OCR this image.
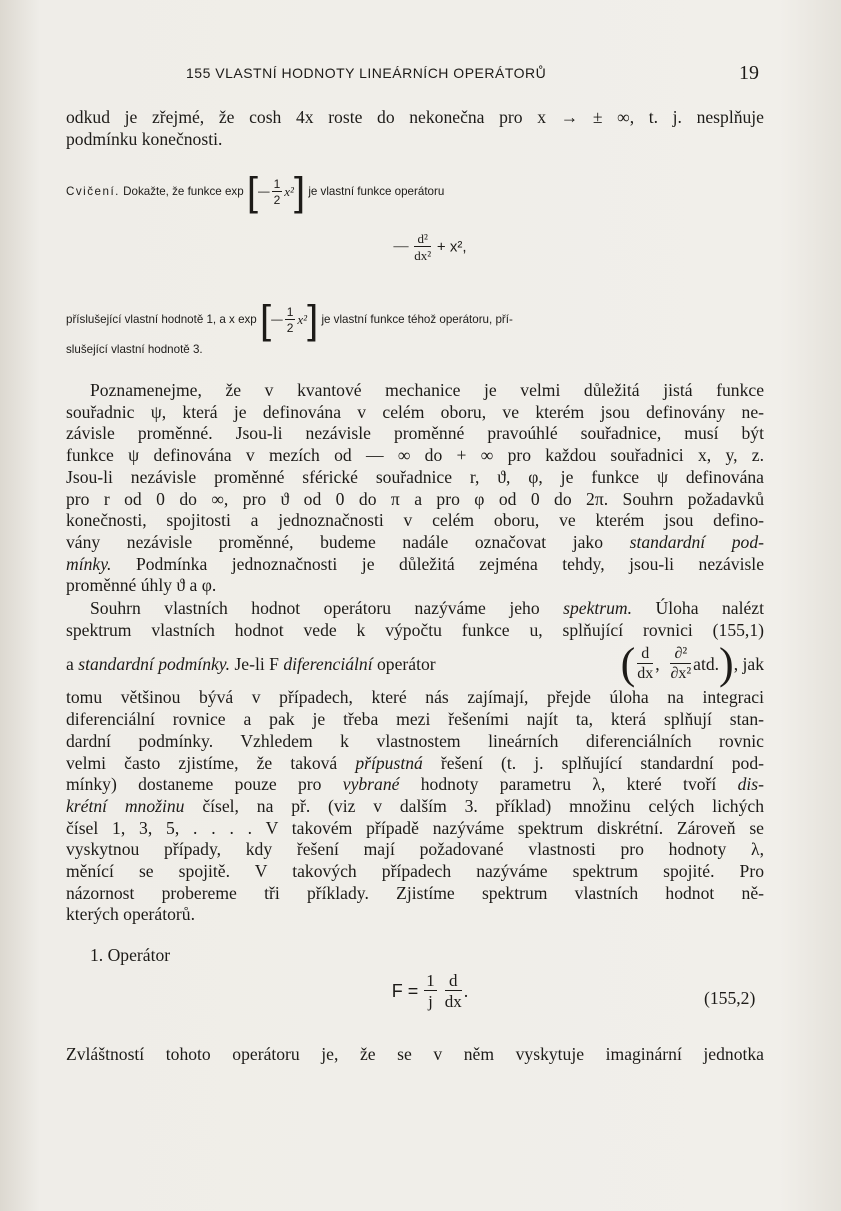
155 VLASTNÍ HODNOTY LINEÁRNÍCH OPERÁTORŮ	19
odkud je zřejmé, že cosh 4x roste do nekonečna pro x → ± ∞, t. j. nesplňuje
podmínku konečnosti.
Cvičení. Dokažte, že funkce exp [— $\frac{1}{2} x^2$] je vlastní funkce operátoru
— $\frac{\text{d²}}{\text{dx²}} + x^2$,
příslušející vlastní hodnotě 1, a x exp [— $\frac{1}{2} x^2$] je vlastní funkce téhož operátoru, pří-
slušející vlastní hodnotě 3.
Poznamenejme, že v kvantové mechanice je velmi důležitá jistá funkce
souřadnic ψ, která je definována v celém oboru, ve kterém jsou definovány ne-
závisle proměnné. Jsou-li nezávisle proměnné pravoúhlé souřadnice, musí být
funkce ψ definována v mezích od — ∞ do + ∞ pro každou souřadnici x, y, z.
Jsou-li nezávisle proměnné sférické souřadnice r, ϑ, φ, je funkce ψ definována
pro r od 0 do ∞, pro ϑ od 0 do π a pro φ od 0 do 2π. Souhrn požadavků
konečnosti, spojitosti a jednoznačnosti v celém oboru, ve kterém jsou defino-
vány nezávisle proměnné, budeme nadále označovat jako standardní pod-
mínky. Podmínka jednoznačnosti je důležitá zejména tehdy, jsou-li nezávisle
proměnné úhly ϑ a φ.
Souhrn vlastních hodnot operátoru nazýváme jeho spektrum. Úloha nalézt
spektrum vlastních hodnot vede k výpočtu funkce u, splňující rovnici (155,1)
a standardní podmínky. Je-li F diferenciální operátor	( $\frac{d}{dx}$ , $\frac{\text{∂²}}{\text{∂x²}}$ atd. ) , jak
tomu většinou bývá v případech, které nás zajímají, přejde úloha na integraci
diferenciální rovnice a pak je třeba mezi řešeními najít ta, která splňují stan-
dardní podmínky. Vzhledem k vlastnostem lineárních diferenciálních rovnic
velmi často zjistíme, že taková přípustná řešení (t. j. splňující standardní pod-
mínky) dostaneme pouze pro vybrané hodnoty parametru λ, které tvoří dis-
krétní množinu čísel, na př. (viz v dalším 3. příklad) množinu celých lichých
čísel 1, 3, 5, . . . . V takovém případě nazýváme spektrum diskrétní. Zároveň se
vyskytnou případy, kdy řešení mají požadované vlastnosti pro hodnoty λ,
měnící se spojitě. V takových případech nazýváme spektrum spojité. Pro
názornost probereme tři příklady. Zjistíme spektrum vlastních hodnot ně-
kterých operátorů.
1. Operátor
$F = \frac{1}{j} \frac{d}{dx}$ .	(155,2)
Zvláštností tohoto operátoru je, že se v něm vyskytuje imaginární jednotka
